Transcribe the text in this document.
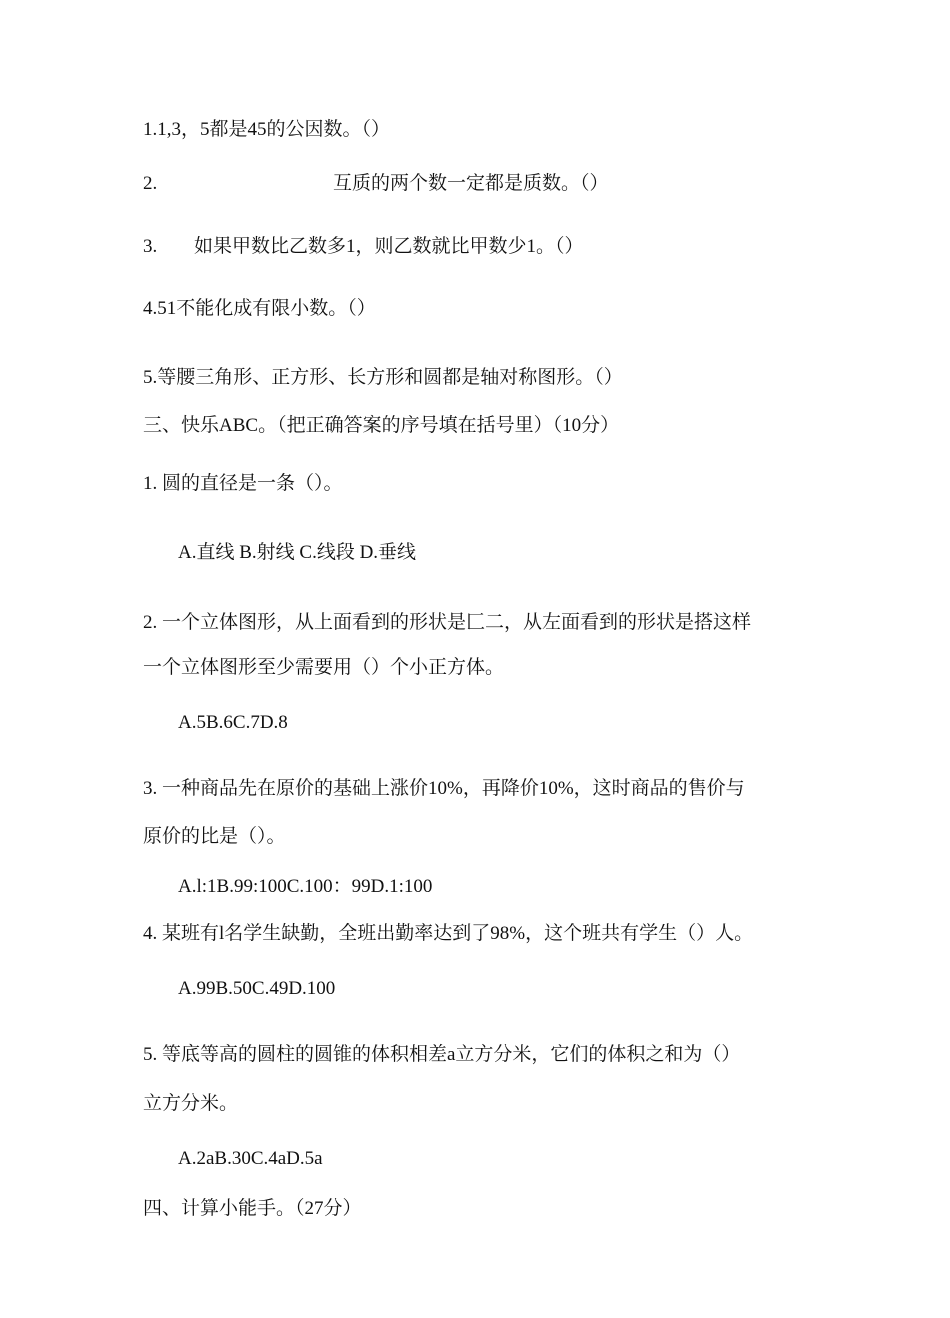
1.1,3，5都是45的公因数。（）
2.	互质的两个数一定都是质数。（）
3. 如果甲数比乙数多1，则乙数就比甲数少1。（）
4.51不能化成有限小数。（）
5.等腰三角形、正方形、长方形和圆都是轴对称图形。（）
三、快乐ABC。（把正确答案的序号填在括号里）（10分）
1. 圆的直径是一条（）。
A.直线 B.射线 C.线段 D.垂线
2. 一个立体图形，从上面看到的形状是匚二，从左面看到的形状是搭这样
一个立体图形至少需要用（）个小正方体。
A.5B.6C.7D.8
3. 一种商品先在原价的基础上涨价10%，再降价10%，这时商品的售价与
原价的比是（）。
A.l:1B.99:100C.100：99D.1:100
4. 某班有l名学生缺勤，全班出勤率达到了98%，这个班共有学生（）人。
A.99B.50C.49D.100
5. 等底等高的圆柱的圆锥的体积相差a立方分米，它们的体积之和为（）
立方分米。
A.2aB.30C.4aD.5a
四、计算小能手。（27分）
